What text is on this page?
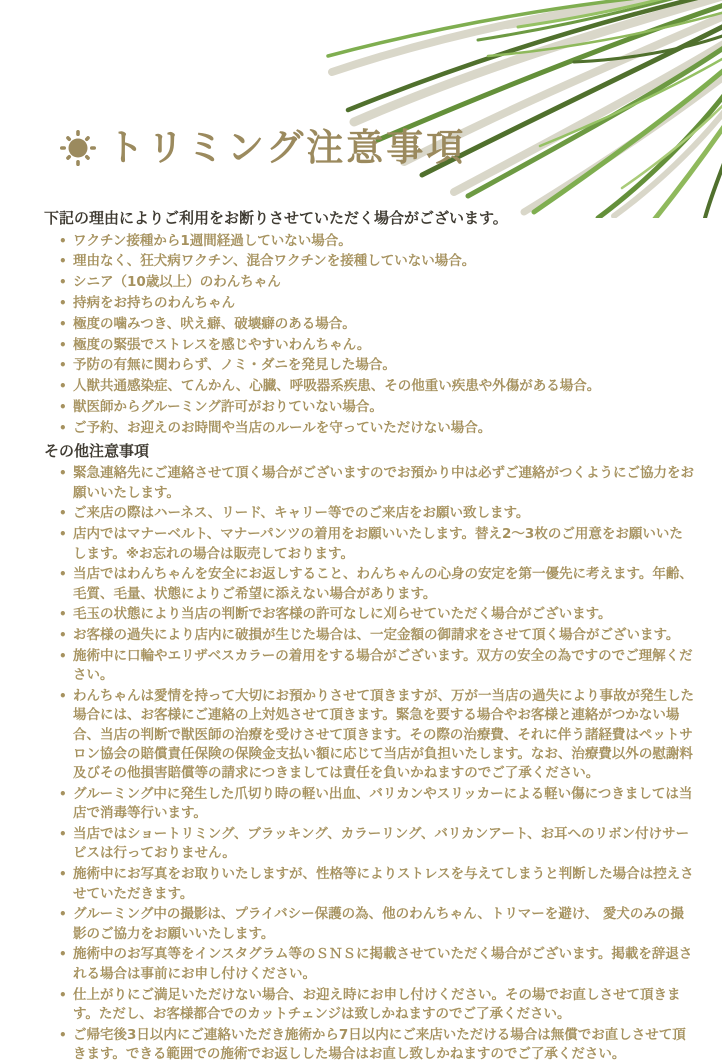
トリミング注意事項

下記の理由によりご利用をお断りさせていただく場合がございます。

• ワクチン接種から1週間経過していない場合。
• 理由なく、狂犬病ワクチン、混合ワクチンを接種していない場合。
• シニア（10歳以上）のわんちゃん
• 持病をお持ちのわんちゃん
• 極度の噛みつき、吠え癖、破壊癖のある場合。
• 極度の緊張でストレスを感じやすいわんちゃん。
• 予防の有無に関わらず、ノミ・ダニを発見した場合。
• 人獣共通感染症、てんかん、心臓、呼吸器系疾患、その他重い疾患や外傷がある場合。
• 獣医師からグルーミング許可がおりていない場合。
• ご予約、お迎えのお時間や当店のルールを守っていただけない場合。
その他注意事項
• 緊急連絡先にご連絡させて頂く場合がございますのでお預かり中は必ずご連絡がつくようにご協力をお願いいたします。
• ご来店の際はハーネス、リード、キャリー等でのご来店をお願い致します。
• 店内ではマナーベルト、マナーパンツの着用をお願いいたします。替え2〜3枚のご用意をお願いいたします。※お忘れの場合は販売しております。
• 当店ではわんちゃんを安全にお返しすること、わんちゃんの心身の安定を第一優先に考えます。年齢、毛質、毛量、状態によりご希望に添えない場合があります。
• 毛玉の状態により当店の判断でお客様の許可なしに刈らせていただく場合がございます。
• お客様の過失により店内に破損が生じた場合は、一定金額の御請求をさせて頂く場合がございます。
• 施術中に口輪やエリザベスカラーの着用をする場合がございます。双方の安全の為ですのでご理解ください。
• わんちゃんは愛情を持って大切にお預かりさせて頂きますが、万が一当店の過失により事故が発生した場合には、お客様にご連絡の上対処させて頂きます。緊急を要する場合やお客様と連絡がつかない場合、当店の判断で獣医師の治療を受けさせて頂きます。その際の治療費、それに伴う諸経費はペットサロン協会の賠償責任保険の保険金支払い額に応じて当店が負担いたします。なお、治療費以外の慰謝料及びその他損害賠償等の請求につきましては責任を負いかねますのでご了承ください。
• グルーミング中に発生した爪切り時の軽い出血、バリカンやスリッカーによる軽い傷につきましては当店で消毒等行います。
• 当店ではショートリミング、ブラッキング、カラーリング、バリカンアート、お耳へのリボン付けサービスは行っておりません。
• 施術中にお写真をお取りいたしますが、性格等によりストレスを与えてしまうと判断した場合は控えさせていただきます。
• グルーミング中の撮影は、プライバシー保護の為、他のわんちゃん、トリマーを避け、 愛犬のみの撮影のご協力をお願いいたします。
• 施術中のお写真等をインスタグラム等のＳＮＳに掲載させていただく場合がございます。掲載を辞退される場合は事前にお申し付けください。
• 仕上がりにご満足いただけない場合、お迎え時にお申し付けください。その場でお直しさせて頂きます。ただし、お客様都合でのカットチェンジは致しかねますのでご了承ください。
• ご帰宅後3日以内にご連絡いただき施術から7日以内にご来店いただける場合は無償でお直しさせて頂きます。できる範囲での施術でお返しした場合はお直し致しかねますのでご了承ください。
